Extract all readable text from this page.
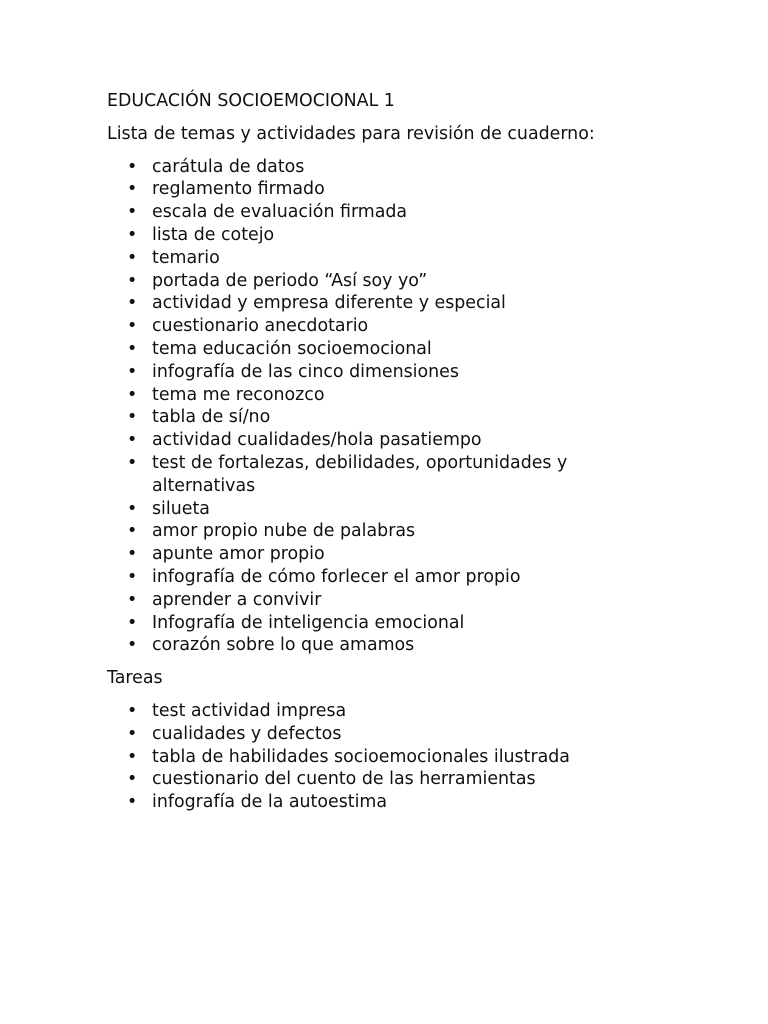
EDUCACIÓN SOCIOEMOCIONAL 1

Lista de temas y actividades para revisión de cuaderno:

• carátula de datos
• reglamento firmado
• escala de evaluación firmada
• lista de cotejo
• temario
• portada de periodo “Así soy yo”
• actividad y empresa diferente y especial
• cuestionario anecdotario
• tema educación socioemocional
• infografía de las cinco dimensiones
• tema me reconozco
• tabla de sí/no
• actividad cualidades/hola pasatiempo
• test de fortalezas, debilidades, oportunidades y alternativas
• silueta
• amor propio nube de palabras
• apunte amor propio
• infografía de cómo forlecer el amor propio
• aprender a convivir
• Infografía de inteligencia emocional
• corazón sobre lo que amamos

Tareas

• test actividad impresa
• cualidades y defectos
• tabla de habilidades socioemocionales ilustrada
• cuestionario del cuento de las herramientas
• infografía de la autoestima
